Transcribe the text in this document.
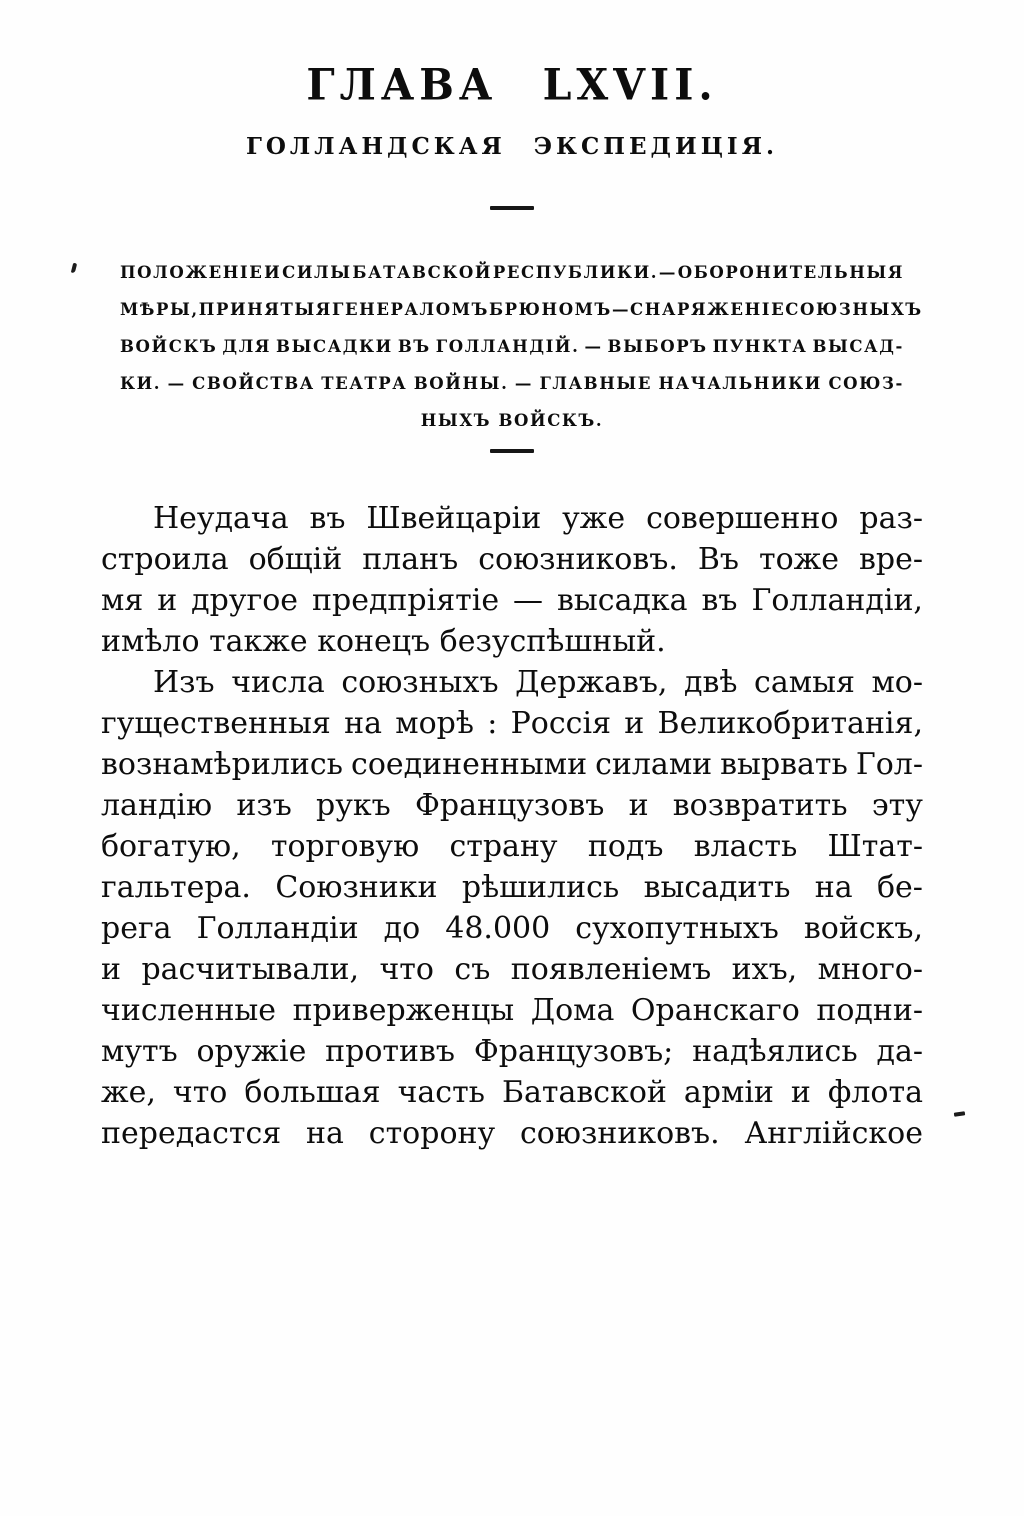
ГЛАВА LXVII.
ГОЛЛАНДСКАЯ ЭКСПЕДИЦІЯ.
ПОЛОЖЕНІЕ И СИЛЫ БАТАВСКОЙ РЕСПУБЛИКИ. — ОБОРОНИТЕЛЬНЫЯ
МѢРЫ, ПРИНЯТЫЯ ГЕНЕРАЛОМЪ БРЮНОМЪ — СНАРЯЖЕНІЕ СОЮЗНЫХЪ
ВОЙСКЪ ДЛЯ ВЫСАДКИ ВЪ ГОЛЛАНДІЙ. — ВЫБОРЪ ПУНКТА ВЫСАД-
КИ. — СВОЙСТВА ТЕАТРА ВОЙНЫ. — ГЛАВНЫЕ НАЧАЛЬНИКИ СОЮЗ-
НЫХЪ ВОЙСКЪ.
Неудача въ Швейцаріи уже совершенно раз-
строила общій планъ союзниковъ. Въ тоже вре-
мя и другое предпріятіе — высадка въ Голландіи,
имѣло также конецъ безуспѣшный.
Изъ числа союзныхъ Державъ, двѣ самыя мо-
гущественныя на морѣ : Россія и Великобританія,
вознамѣрились соединенными силами вырвать Гол-
ландію изъ рукъ Французовъ и возвратить эту
богатую, торговую страну подъ власть Штат-
гальтера. Союзники рѣшились высадить на бе-
рега Голландіи до 48.000 сухопутныхъ войскъ,
и расчитывали, что съ появленіемъ ихъ, много-
численные приверженцы Дома Оранскаго подни-
мутъ оружіе противъ Французовъ; надѣялись да-
же, что большая часть Батавской арміи и флота
передастся на сторону союзниковъ. Англійское
